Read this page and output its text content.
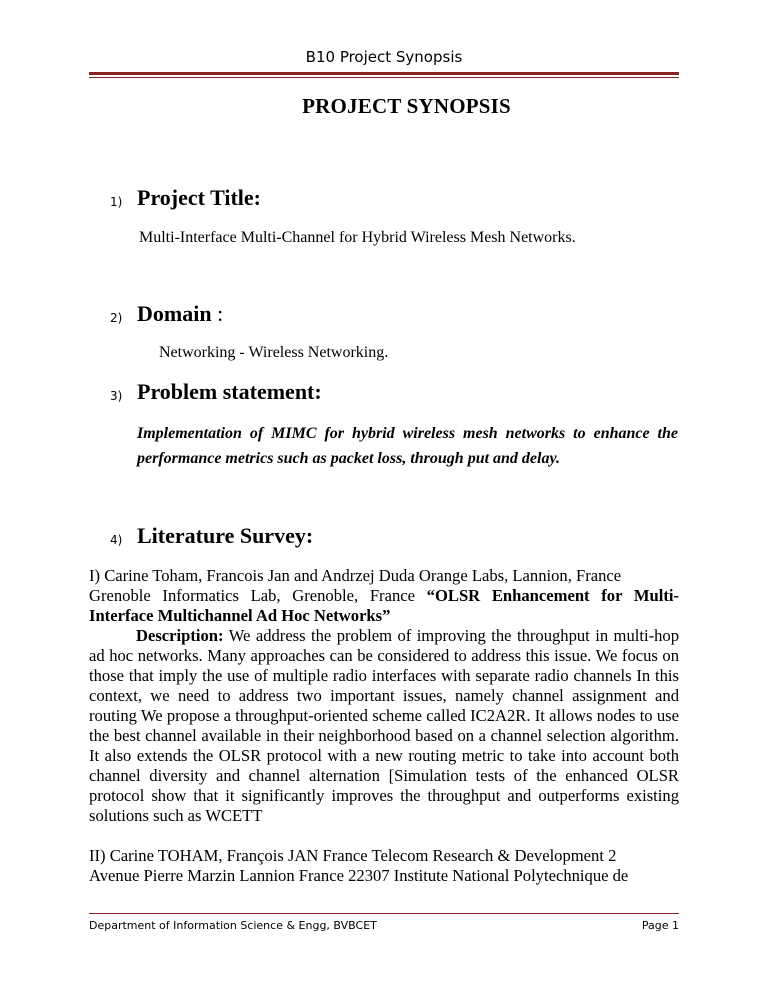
B10 Project Synopsis
PROJECT SYNOPSIS
1) Project Title:
Multi-Interface Multi-Channel for Hybrid Wireless Mesh Networks.
2) Domain :
Networking - Wireless Networking.
3) Problem statement:
Implementation of MIMC for hybrid wireless mesh networks to enhance the performance metrics such as packet loss, through put and delay.
4) Literature Survey:

I) Carine Toham, Francois Jan and Andrzej Duda Orange Labs, Lannion, France

Grenoble Informatics Lab, Grenoble, France “OLSR Enhancement for Multi-Interface Multichannel Ad Hoc Networks”

Description: We address the problem of improving the throughput in multi-hop ad hoc networks. Many approaches can be considered to address this issue. We focus on those that imply the use of multiple radio interfaces with separate radio channels In this context, we need to address two important issues, namely channel assignment and routing We propose a throughput-oriented scheme called IC2A2R. It allows nodes to use the best channel available in their neighborhood based on a channel selection algorithm. It also extends the OLSR protocol with a new routing metric to take into account both channel diversity and channel alternation [Simulation tests of the enhanced OLSR protocol show that it significantly improves the throughput and outperforms existing solutions such as WCETT

II) Carine TOHAM, François JAN France Telecom Research & Development 2

Avenue Pierre Marzin Lannion France 22307 Institute National Polytechnique de

Department of Information Science & Engg, BVBCET	Page 1
